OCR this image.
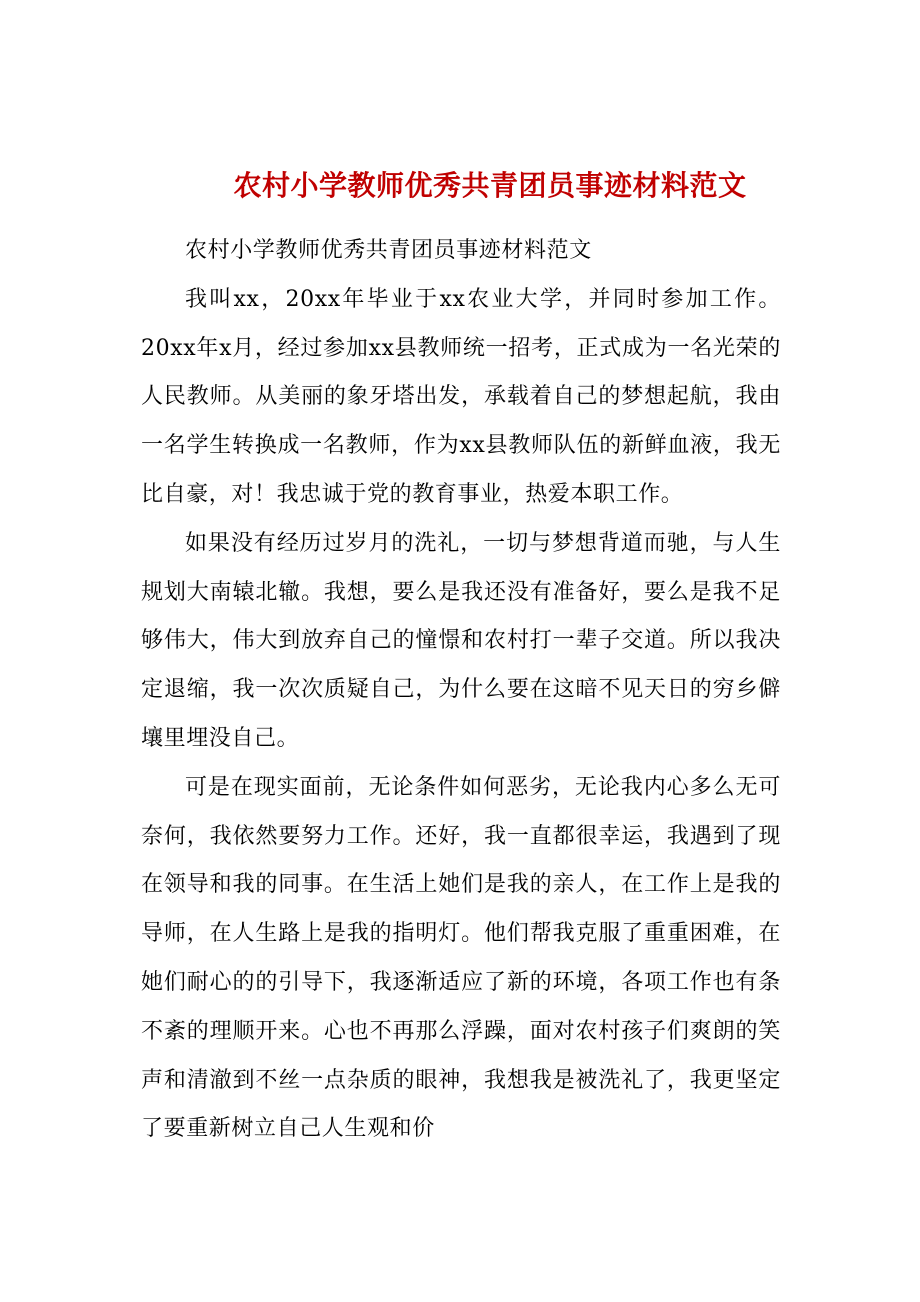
农村小学教师优秀共青团员事迹材料范文

农村小学教师优秀共青团员事迹材料范文

我叫xx，20xx年毕业于xx农业大学，并同时参加工作。20xx年x月，经过参加xx县教师统一招考，正式成为一名光荣的人民教师。从美丽的象牙塔出发，承载着自己的梦想起航，我由一名学生转换成一名教师，作为xx县教师队伍的新鲜血液，我无比自豪，对！我忠诚于党的教育事业，热爱本职工作。

如果没有经历过岁月的洗礼，一切与梦想背道而驰，与人生规划大南辕北辙。我想，要么是我还没有准备好，要么是我不足够伟大，伟大到放弃自己的憧憬和农村打一辈子交道。所以我决定退缩，我一次次质疑自己，为什么要在这暗不见天日的穷乡僻壤里埋没自己。

可是在现实面前，无论条件如何恶劣，无论我内心多么无可奈何，我依然要努力工作。还好，我一直都很幸运，我遇到了现在领导和我的同事。在生活上她们是我的亲人，在工作上是我的导师，在人生路上是我的指明灯。他们帮我克服了重重困难，在她们耐心的的引导下，我逐渐适应了新的环境，各项工作也有条不紊的理顺开来。心也不再那么浮躁，面对农村孩子们爽朗的笑声和清澈到不丝一点杂质的眼神，我想我是被洗礼了，我更坚定了要重新树立自己人生观和价
